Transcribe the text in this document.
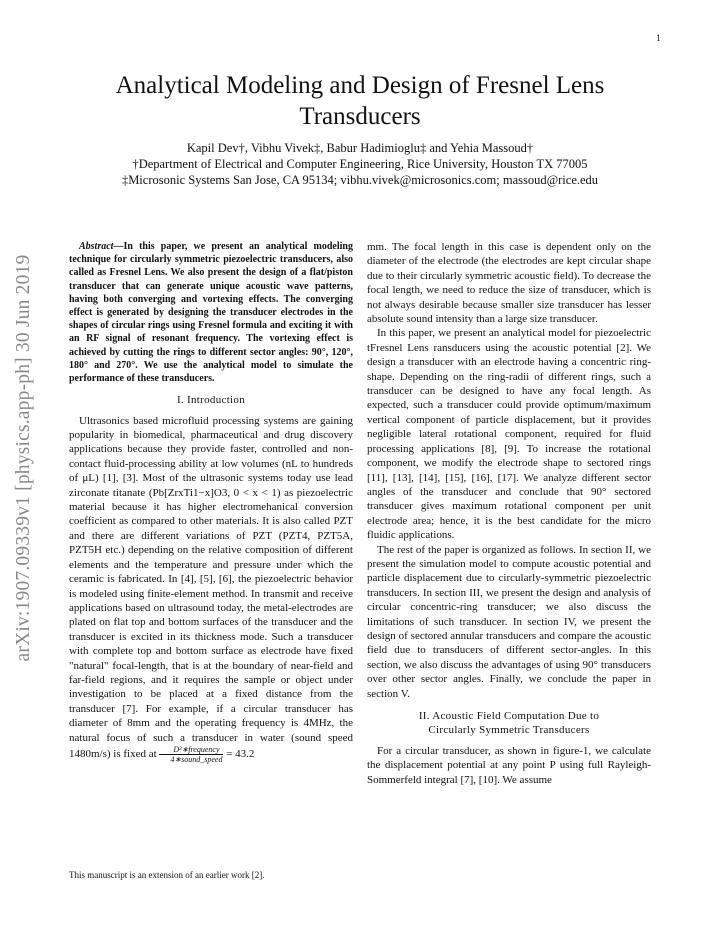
1
arXiv:1907.09339v1 [physics.app-ph] 30 Jun 2019
Analytical Modeling and Design of Fresnel Lens Transducers
Kapil Dev†, Vibhu Vivek‡, Babur Hadimioglu‡ and Yehia Massoud†
†Department of Electrical and Computer Engineering, Rice University, Houston TX 77005
‡Microsonic Systems San Jose, CA 95134; vibhu.vivek@microsonics.com; massoud@rice.edu

Abstract—In this paper, we present an analytical modeling technique for circularly symmetric piezoelectric transducers, also called as Fresnel Lens. We also present the design of a flat/piston transducer that can generate unique acoustic wave patterns, having both converging and vortexing effects. The converging effect is generated by designing the transducer electrodes in the shapes of circular rings using Fresnel formula and exciting it with an RF signal of resonant frequency. The vortexing effect is achieved by cutting the rings to different sector angles: 90°, 120°, 180° and 270°. We use the analytical model to simulate the performance of these transducers.

I. Introduction

Ultrasonics based microfluid processing systems are gaining popularity in biomedical, pharmaceutical and drug discovery applications because they provide faster, controlled and non-contact fluid-processing ability at low volumes (nL to hundreds of μL) [1], [3]. Most of the ultrasonic systems today use lead zirconate titanate (Pb[ZrxTi1−x]O3, 0 < x < 1) as piezoelectric material because it has higher electromehanical conversion coefficient as compared to other materials. It is also called PZT and there are different variations of PZT (PZT4, PZT5A, PZT5H etc.) depending on the relative composition of different elements and the temperature and pressure under which the ceramic is fabricated. In [4], [5], [6], the piezoelectric behavior is modeled using finite-element method. In transmit and receive applications based on ultrasound today, the metal-electrodes are plated on flat top and bottom surfaces of the transducer and the transducer is excited in its thickness mode. Such a transducer with complete top and bottom surface as electrode have fixed "natural" focal-length, that is at the boundary of near-field and far-field regions, and it requires the sample or object under investigation to be placed at a fixed distance from the transducer [7]. For example, if a circular transducer has diameter of 8mm and the operating frequency is 4MHz, the natural focus of such a transducer in water (sound speed 1480m/s) is fixed at $\frac{\text{D²∗frequency}}{\text{4∗sound\_speed}} = 43.2$

mm. The focal length in this case is dependent only on the diameter of the electrode (the electrodes are kept circular shape due to their circularly symmetric acoustic field). To decrease the focal length, we need to reduce the size of transducer, which is not always desirable because smaller size transducer has lesser absolute sound intensity than a large size transducer.

In this paper, we present an analytical model for piezoelectric tFresnel Lens ransducers using the acoustic potential [2]. We design a transducer with an electrode having a concentric ring-shape. Depending on the ring-radii of different rings, such a transducer can be designed to have any focal length. As expected, such a transducer could provide optimum/maximum vertical component of particle displacement, but it provides negligible lateral rotational component, required for fluid processing applications [8], [9]. To increase the rotational component, we modify the electrode shape to sectored rings [11], [13], [14], [15], [16], [17]. We analyze different sector angles of the transducer and conclude that 90° sectored transducer gives maximum rotational component per unit electrode area; hence, it is the best candidate for the micro fluidic applications.

The rest of the paper is organized as follows. In section II, we present the simulation model to compute acoustic potential and particle displacement due to circularly-symmetric piezoelectric transducers. In section III, we present the design and analysis of circular concentric-ring transducer; we also discuss the limitations of such transducer. In section IV, we present the design of sectored annular transducers and compare the acoustic field due to transducers of different sector-angles. In this section, we also discuss the advantages of using 90° transducers over other sector angles. Finally, we conclude the paper in section V.

II. Acoustic Field Computation Due to
Circularly Symmetric Transducers

For a circular transducer, as shown in figure-1, we calculate the displacement potential at any point P using full Rayleigh-Sommerfeld integral [7], [10]. We assume

This manuscript is an extension of an earlier work [2].
